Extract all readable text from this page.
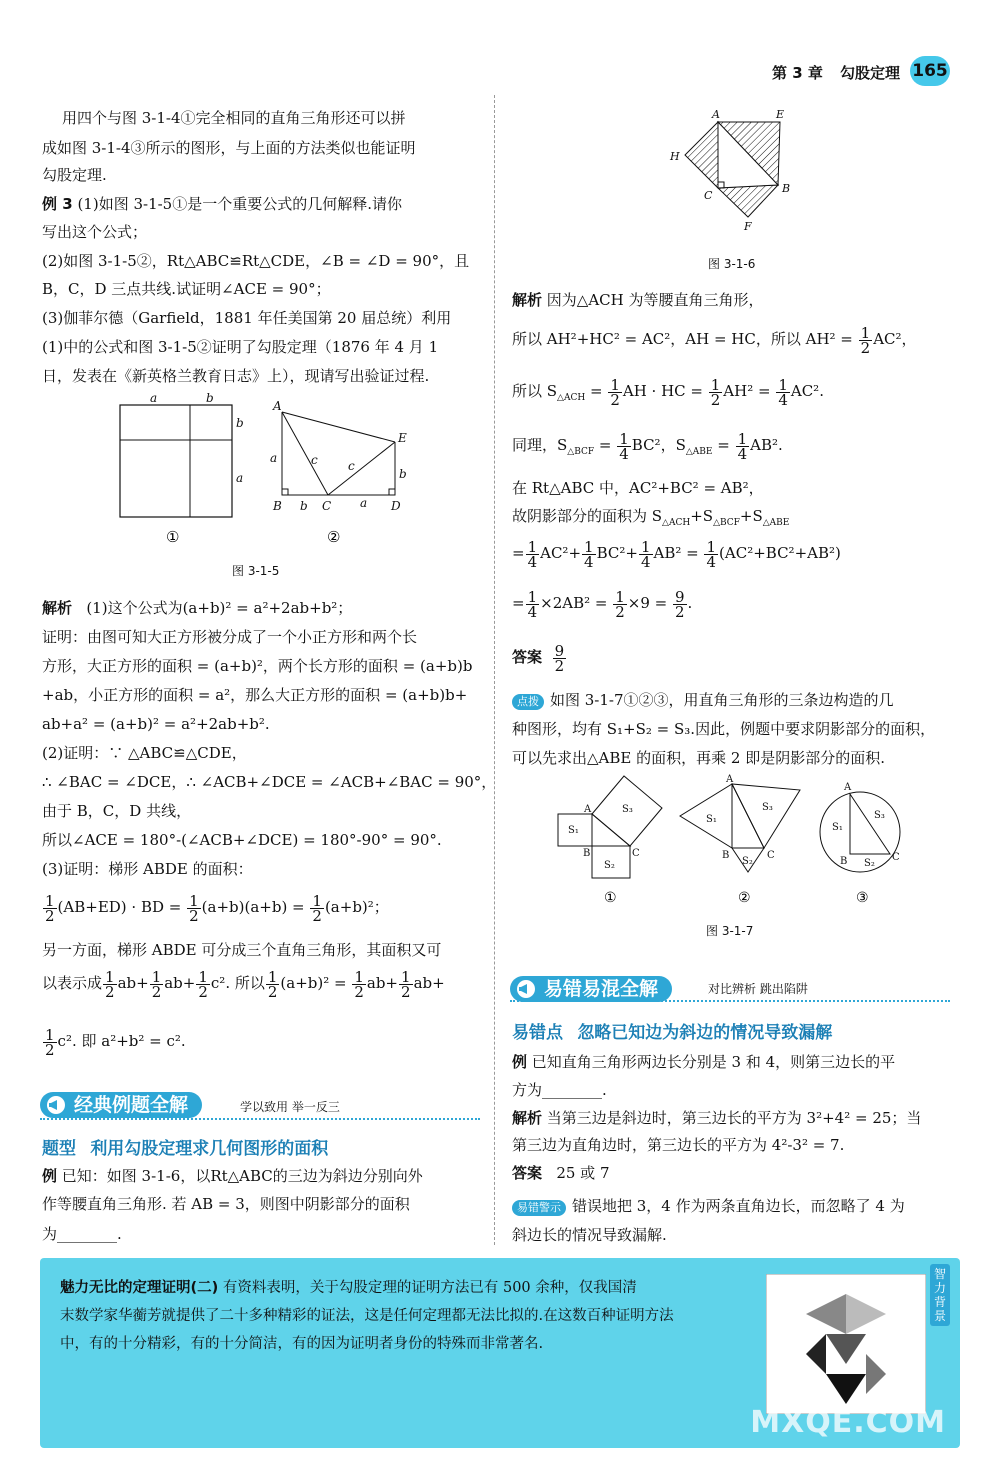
第 3 章 勾股定理 165
用四个与图 3-1-4①完全相同的直角三角形还可以拼
成如图 3-1-4③所示的图形，与上面的方法类似也能证明
勾股定理.
例 3 (1)如图 3-1-5①是一个重要公式的几何解释.请你
写出这个公式；
(2)如图 3-1-5②，Rt△ABC≌Rt△CDE，∠B = ∠D = 90°，且
B，C，D 三点共线.试证明∠ACE = 90°；
(3)伽菲尔德（Garfield，1881 年任美国第 20 届总统）利用
(1)中的公式和图 3-1-5②证明了勾股定理（1876 年 4 月 1
日，发表在《新英格兰教育日志》上），现请写出验证过程.
a	b
b
a
A
E
B	C	D
a
b	a
b
c	c
①	②
图 3-1-5
解析 (1)这个公式为(a+b)² = a²+2ab+b²；
证明：由图可知大正方形被分成了一个小正方形和两个长
方形，大正方形的面积 = (a+b)²，两个长方形的面积 = (a+b)b
+ab，小正方形的面积 = a²，那么大正方形的面积 = (a+b)b+
ab+a² = (a+b)² = a²+2ab+b².
(2)证明：∵ △ABC≌△CDE，
∴ ∠BAC = ∠DCE，∴ ∠ACB+∠DCE = ∠ACB+∠BAC = 90°，
由于 B，C，D 共线，
所以∠ACE = 180°-(∠ACB+∠DCE) = 180°-90° = 90°.
(3)证明：梯形 ABDE 的面积：
$\frac{1}{2} (AB+ED)$ · BD = $\frac{1}{2} (a+b)(a+b) = \frac{1}{2} (a+b)^2$；
另一方面，梯形 ABDE 可分成三个直角三角形，其面积又可
以表示成 $\frac{1}{2} ab+ \frac{1}{2} ab+ \frac{1}{2} c^2$. 所以 $\frac{1}{2} (a+b)^2 = \frac{1}{2} ab+ \frac{1}{2} ab+$
$\frac{1}{2} c^2$. 即 a²+b² = c².
经典例题全解	学以致用 举一反三
题型 利用勾股定理求几何图形的面积
例 已知：如图 3-1-6，以Rt△ABC的三边为斜边分别向外
作等腰直角三角形. 若 AB = 3，则图中阴影部分的面积
为________.
A	E
H
C
B
F
图 3-1-6
解析 因为△ACH 为等腰直角三角形，
所以 AH²+HC² = AC²，AH = HC，所以 $AH^2 = \frac{1}{2} AC^2$，
所以 $S_{\triangle ACH} = \frac{1}{2}$ AH · HC = $\frac{1}{2} AH^2 = \frac{1}{4} AC^2$.
同理，$S_{\triangle BCF} = \frac{1}{4} BC^2$，$S_{\triangle ABE} = \frac{1}{4} AB^2$.
在 Rt△ABC 中，AC²+BC² = AB²，
故阴影部分的面积为 $S_{\triangle ACH}+S_{\triangle BCF}+S_{\triangle ABE}$
= $\frac{1}{4} AC^2+ \frac{1}{4} BC^2+ \frac{1}{4} AB^2 = \frac{1}{4} (AC^2+BC^2+AB^2)$
= $\frac{1}{4} \times 2AB^2 = \frac{1}{2} \times 9 = \frac{9}{2}$ .
答案 $\frac{9}{2}$
点拨 如图 3-1-7①②③，用直角三角形的三条边构造的几
种图形，均有 S₁+S₂ = S₃.因此，例题中要求阴影部分的面积，
可以先求出△ABE 的面积，再乘 2 即是阴影部分的面积.
A
B	C
S₁
S₂
S₃
A
B	C
S₁
S₂
S₃
A
B	C
S₁
S₂
S₃
①	②	③
图 3-1-7
易错易混全解	对比辨析 跳出陷阱
易错点 忽略已知边为斜边的情况导致漏解
例 已知直角三角形两边长分别是 3 和 4，则第三边长的平
方为________.
解析 当第三边是斜边时，第三边长的平方为 3²+4² = 25；当
第三边为直角边时，第三边长的平方为 4²-3² = 7.
答案 25 或 7
易错警示 错误地把 3，4 作为两条直角边长，而忽略了 4 为
斜边长的情况导致漏解.
魅力无比的定理证明(二) 有资料表明，关于勾股定理的证明方法已有 500 余种，仅我国清
末数学家华蘅芳就提供了二十多种精彩的证法，这是任何定理都无法比拟的.在这数百种证明方法
中，有的十分精彩，有的十分简洁，有的因为证明者身份的特殊而非常著名.
智力背景
MXQE.COM
